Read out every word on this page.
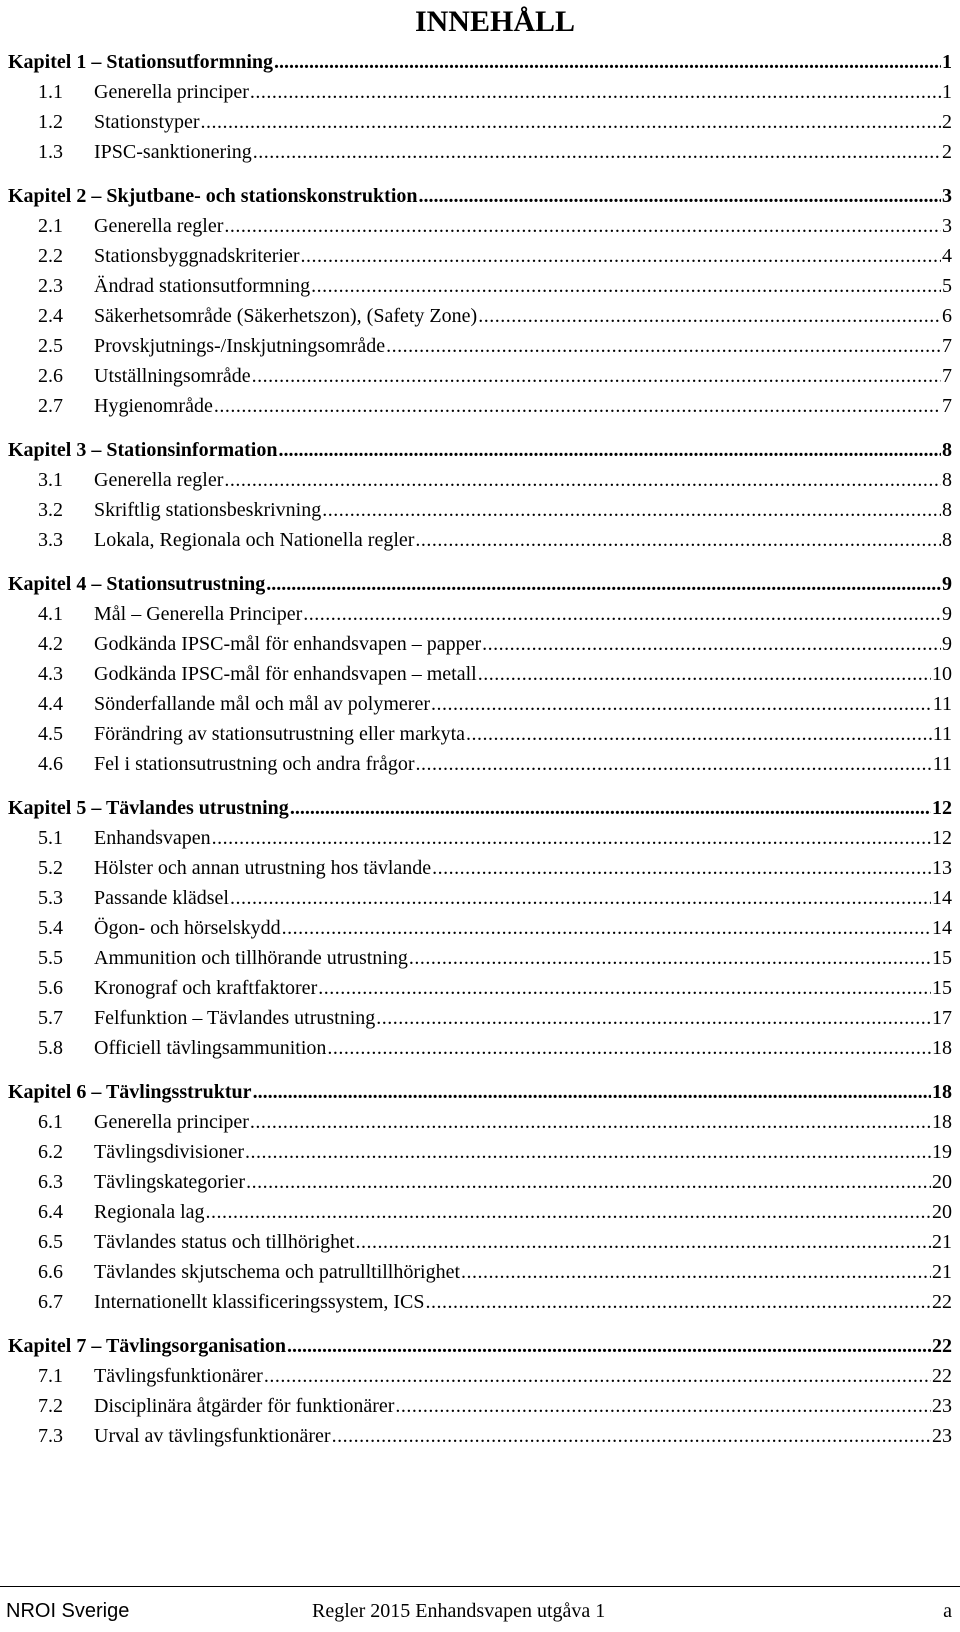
INNEHÅLL
Kapitel 1 – Stationsutformning .....	1
1.1	Generella principer .....	1
1.2	Stationstyper .....	2
1.3	IPSC-sanktionering .....	2
Kapitel 2 – Skjutbane- och stationskonstruktion .....	3
2.1	Generella regler .....	3
2.2	Stationsbyggnadskriterier .....	4
2.3	Ändrad stationsutformning .....	5
2.4	Säkerhetsområde (Säkerhetszon), (Safety Zone) .....	6
2.5	Provskjutnings-/Inskjutningsområde .....	7
2.6	Utställningsområde .....	7
2.7	Hygienområde .....	7
Kapitel 3 – Stationsinformation .....	8
3.1	Generella regler .....	8
3.2	Skriftlig stationsbeskrivning .....	8
3.3	Lokala, Regionala och Nationella regler .....	8
Kapitel 4 – Stationsutrustning .....	9
4.1	Mål – Generella Principer .....	9
4.2	Godkända IPSC-mål för enhandsvapen – papper .....	9
4.3	Godkända IPSC-mål för enhandsvapen – metall .....	10
4.4	Sönderfallande mål och mål av polymerer .....	11
4.5	Förändring av stationsutrustning eller markyta .....	11
4.6	Fel i stationsutrustning och andra frågor .....	11
Kapitel 5 – Tävlandes utrustning .....	12
5.1	Enhandsvapen .....	12
5.2	Hölster och annan utrustning hos tävlande .....	13
5.3	Passande klädsel .....	14
5.4	Ögon- och hörselskydd .....	14
5.5	Ammunition och tillhörande utrustning .....	15
5.6	Kronograf och kraftfaktorer .....	15
5.7	Felfunktion – Tävlandes utrustning .....	17
5.8	Officiell tävlingsammunition .....	18
Kapitel 6 – Tävlingsstruktur .....	18
6.1	Generella principer .....	18
6.2	Tävlingsdivisioner .....	19
6.3	Tävlingskategorier .....	20
6.4	Regionala lag .....	20
6.5	Tävlandes status och tillhörighet .....	21
6.6	Tävlandes skjutschema och patrulltillhörighet .....	21
6.7	Internationellt klassificeringssystem, ICS .....	22
Kapitel 7 – Tävlingsorganisation .....	22
7.1	Tävlingsfunktionärer .....	22
7.2	Disciplinära åtgärder för funktionärer .....	23
7.3	Urval av tävlingsfunktionärer .....	23
NROI Sverige	Regler 2015 Enhandsvapen utgåva 1	a
